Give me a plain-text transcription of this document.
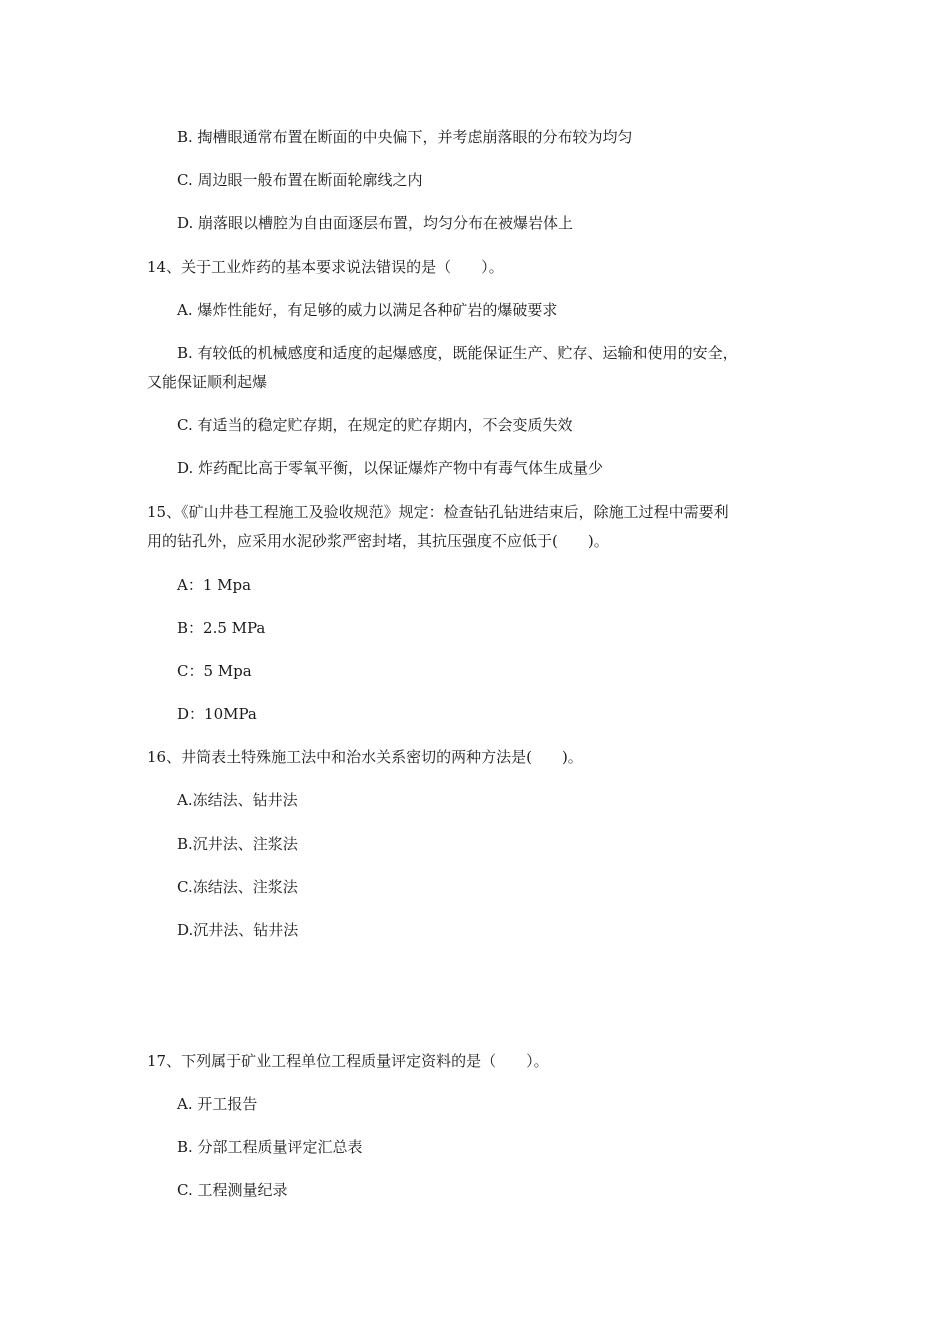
B. 掏槽眼通常布置在断面的中央偏下，并考虑崩落眼的分布较为均匀
C. 周边眼一般布置在断面轮廓线之内
D. 崩落眼以槽腔为自由面逐层布置，均匀分布在被爆岩体上
14、关于工业炸药的基本要求说法错误的是（　　）。
A. 爆炸性能好，有足够的威力以满足各种矿岩的爆破要求
B. 有较低的机械感度和适度的起爆感度，既能保证生产、贮存、运输和使用的安全，
又能保证顺利起爆
C. 有适当的稳定贮存期，在规定的贮存期内，不会变质失效
D. 炸药配比高于零氧平衡，以保证爆炸产物中有毒气体生成量少
15、《矿山井巷工程施工及验收规范》规定：检查钻孔钻进结束后，除施工过程中需要利
用的钻孔外，应采用水泥砂浆严密封堵，其抗压强度不应低于(　　)。
A：1 Mpa
B：2.5 MPa
C：5 Mpa
D：10MPa
16、井筒表土特殊施工法中和治水关系密切的两种方法是(　　)。
A.冻结法、钻井法
B.沉井法、注浆法
C.冻结法、注浆法
D.沉井法、钻井法
17、下列属于矿业工程单位工程质量评定资料的是（　　）。
A. 开工报告
B. 分部工程质量评定汇总表
C. 工程测量纪录
